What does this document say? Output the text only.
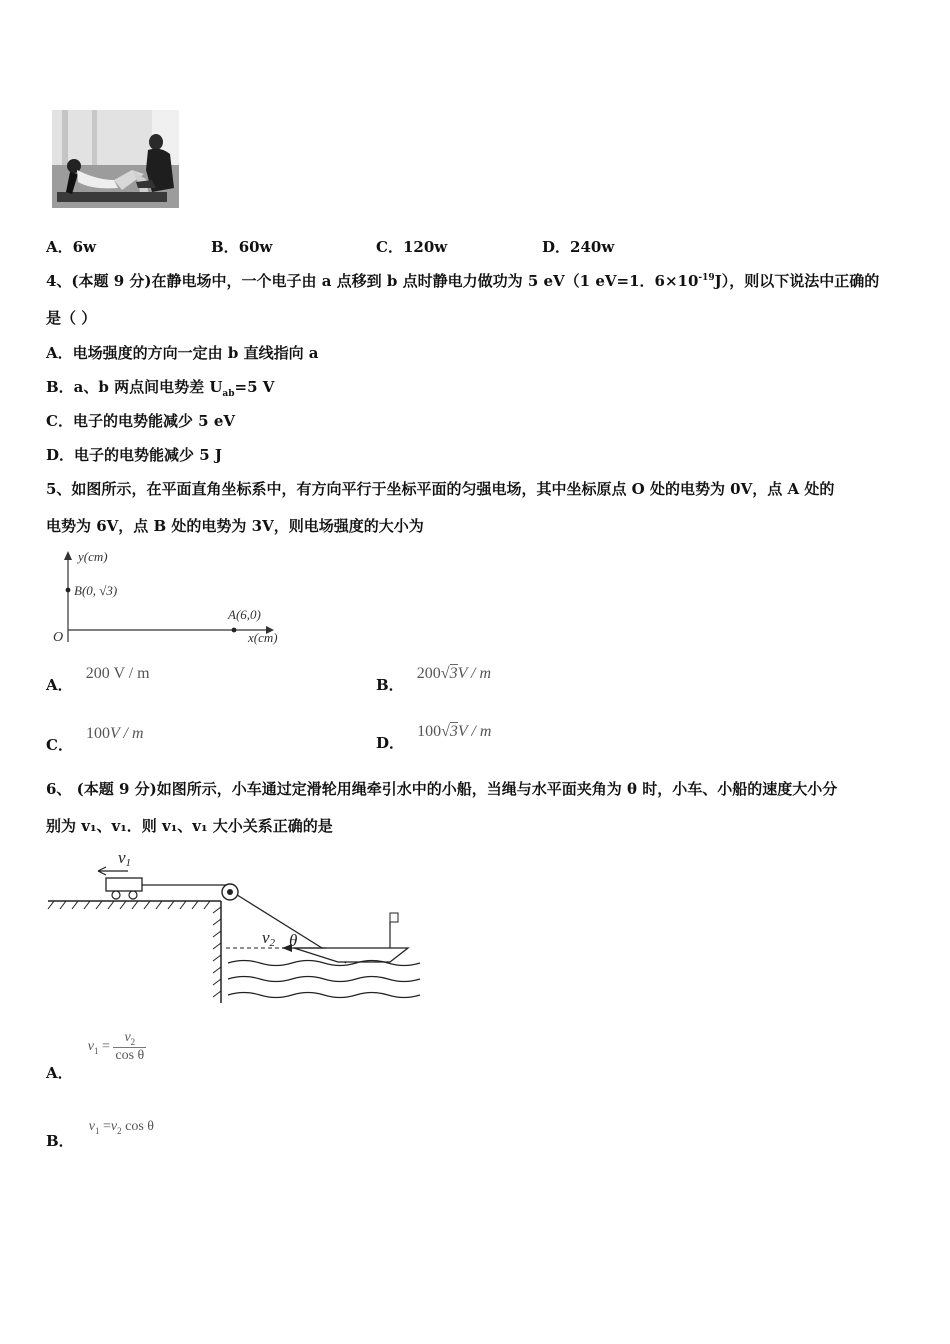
A．6w	B．60w	C．120w	D．240w
4、(本题 9 分)在静电场中，一个电子由 a 点移到 b 点时静电力做功为 5 eV（1 eV=1．$6\times 10^{-19}J$），则以下说法中正确的
是（ ）
A．电场强度的方向一定由 b 直线指向 a
B．a、b 两点间电势差 $U_{ab}=5$ V
C．电子的电势能减少 5 eV
D．电子的电势能减少 5 J
5、如图所示，在平面直角坐标系中，有方向平行于坐标平面的匀强电场，其中坐标原点 O 处的电势为 0V，点 A 处的
电势为 6V，点 B 处的电势为 3V，则电场强度的大小为
y(cm)
B(0, √3)
A(6,0)
O	x(cm)
A． 200 V / m
B． 200√3V / m
C． 100V / m
D． 100√3V / m
6、 (本题 9 分)如图所示，小车通过定滑轮用绳牵引水中的小船，当绳与水平面夹角为 θ 时，小车、小船的速度大小分
别为 v₁、v₁．则 v₁、v₁ 大小关系正确的是
v1
v2 θ
A． $v_1 = \frac{v_2}{\text{cos θ}}$
B． $v_1 =v_2$ cos θ
